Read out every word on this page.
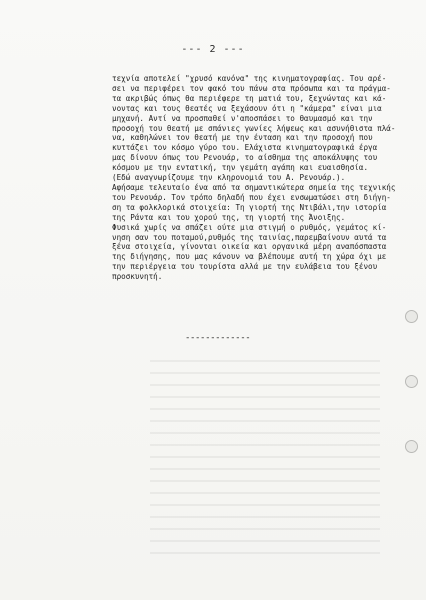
--- 2 ---
τεχνία αποτελεί "χρυσό κανόνα" της κινηματογραφίας. Του αρέ-
σει να περιφέρει τον φακό του πάνω στα πρόσωπα και τα πράγμα-
τα ακριβώς όπως θα περιέφερε τη ματιά του, ξεχνώντας και κά-
νοντας και τους θεατές να ξεχάσουν ότι η "κάμερα" είναι μια
μηχανή. Αντί να προσπαθεί ν'αποσπάσει το θαυμασμό και την
προσοχή του θεατή με σπάνιες γωνίες λήψεως και ασυνήθιστα πλά-
να, καθηλώνει τον θεατή με την ένταση και την προσοχή που
κυττάζει τον κόσμο γύρο του. Ελάχιστα κινηματογραφικά έργα
μας δίνουν όπως του Ρενουάρ, το αίσθημα της αποκάλυψης του
κόσμου με την εντατική, την γεμάτη αγάπη και ευαισθησία.
(Εδώ αναγνωρίζουμε την κληρονομιά του Α. Ρενουάρ.).
Αφήσαμε τελευταίο ένα από τα σημαντικώτερα σημεία της τεχνικής
του Ρενουάρ. Τον τρόπο δηλαδή που έχει ενσωματώσει στη διήγη-
ση τα φολκλορικά στοιχεία: Τη γιορτή της Ντιβάλι,την ιστορία
της Ράντα και του χορού της, τη γιορτή της Άνοιξης.
Φυσικά χωρίς να σπάζει ούτε μια στιγμή ο ρυθμός, γεμάτος κί-
νηση σαν του ποταμού,ρυθμός της ταινίας,παρεμβαίνουν αυτά τα
ξένα στοιχεία, γίνονται οικεία και οργανικά μέρη αναπόσπαστα
της διήγησης, που μας κάνουν να βλέπουμε αυτή τη χώρα όχι με
την περιέργεια του τουρίστα αλλά με την ευλάβεια του ξένου
προσκυνητή.
-------------
